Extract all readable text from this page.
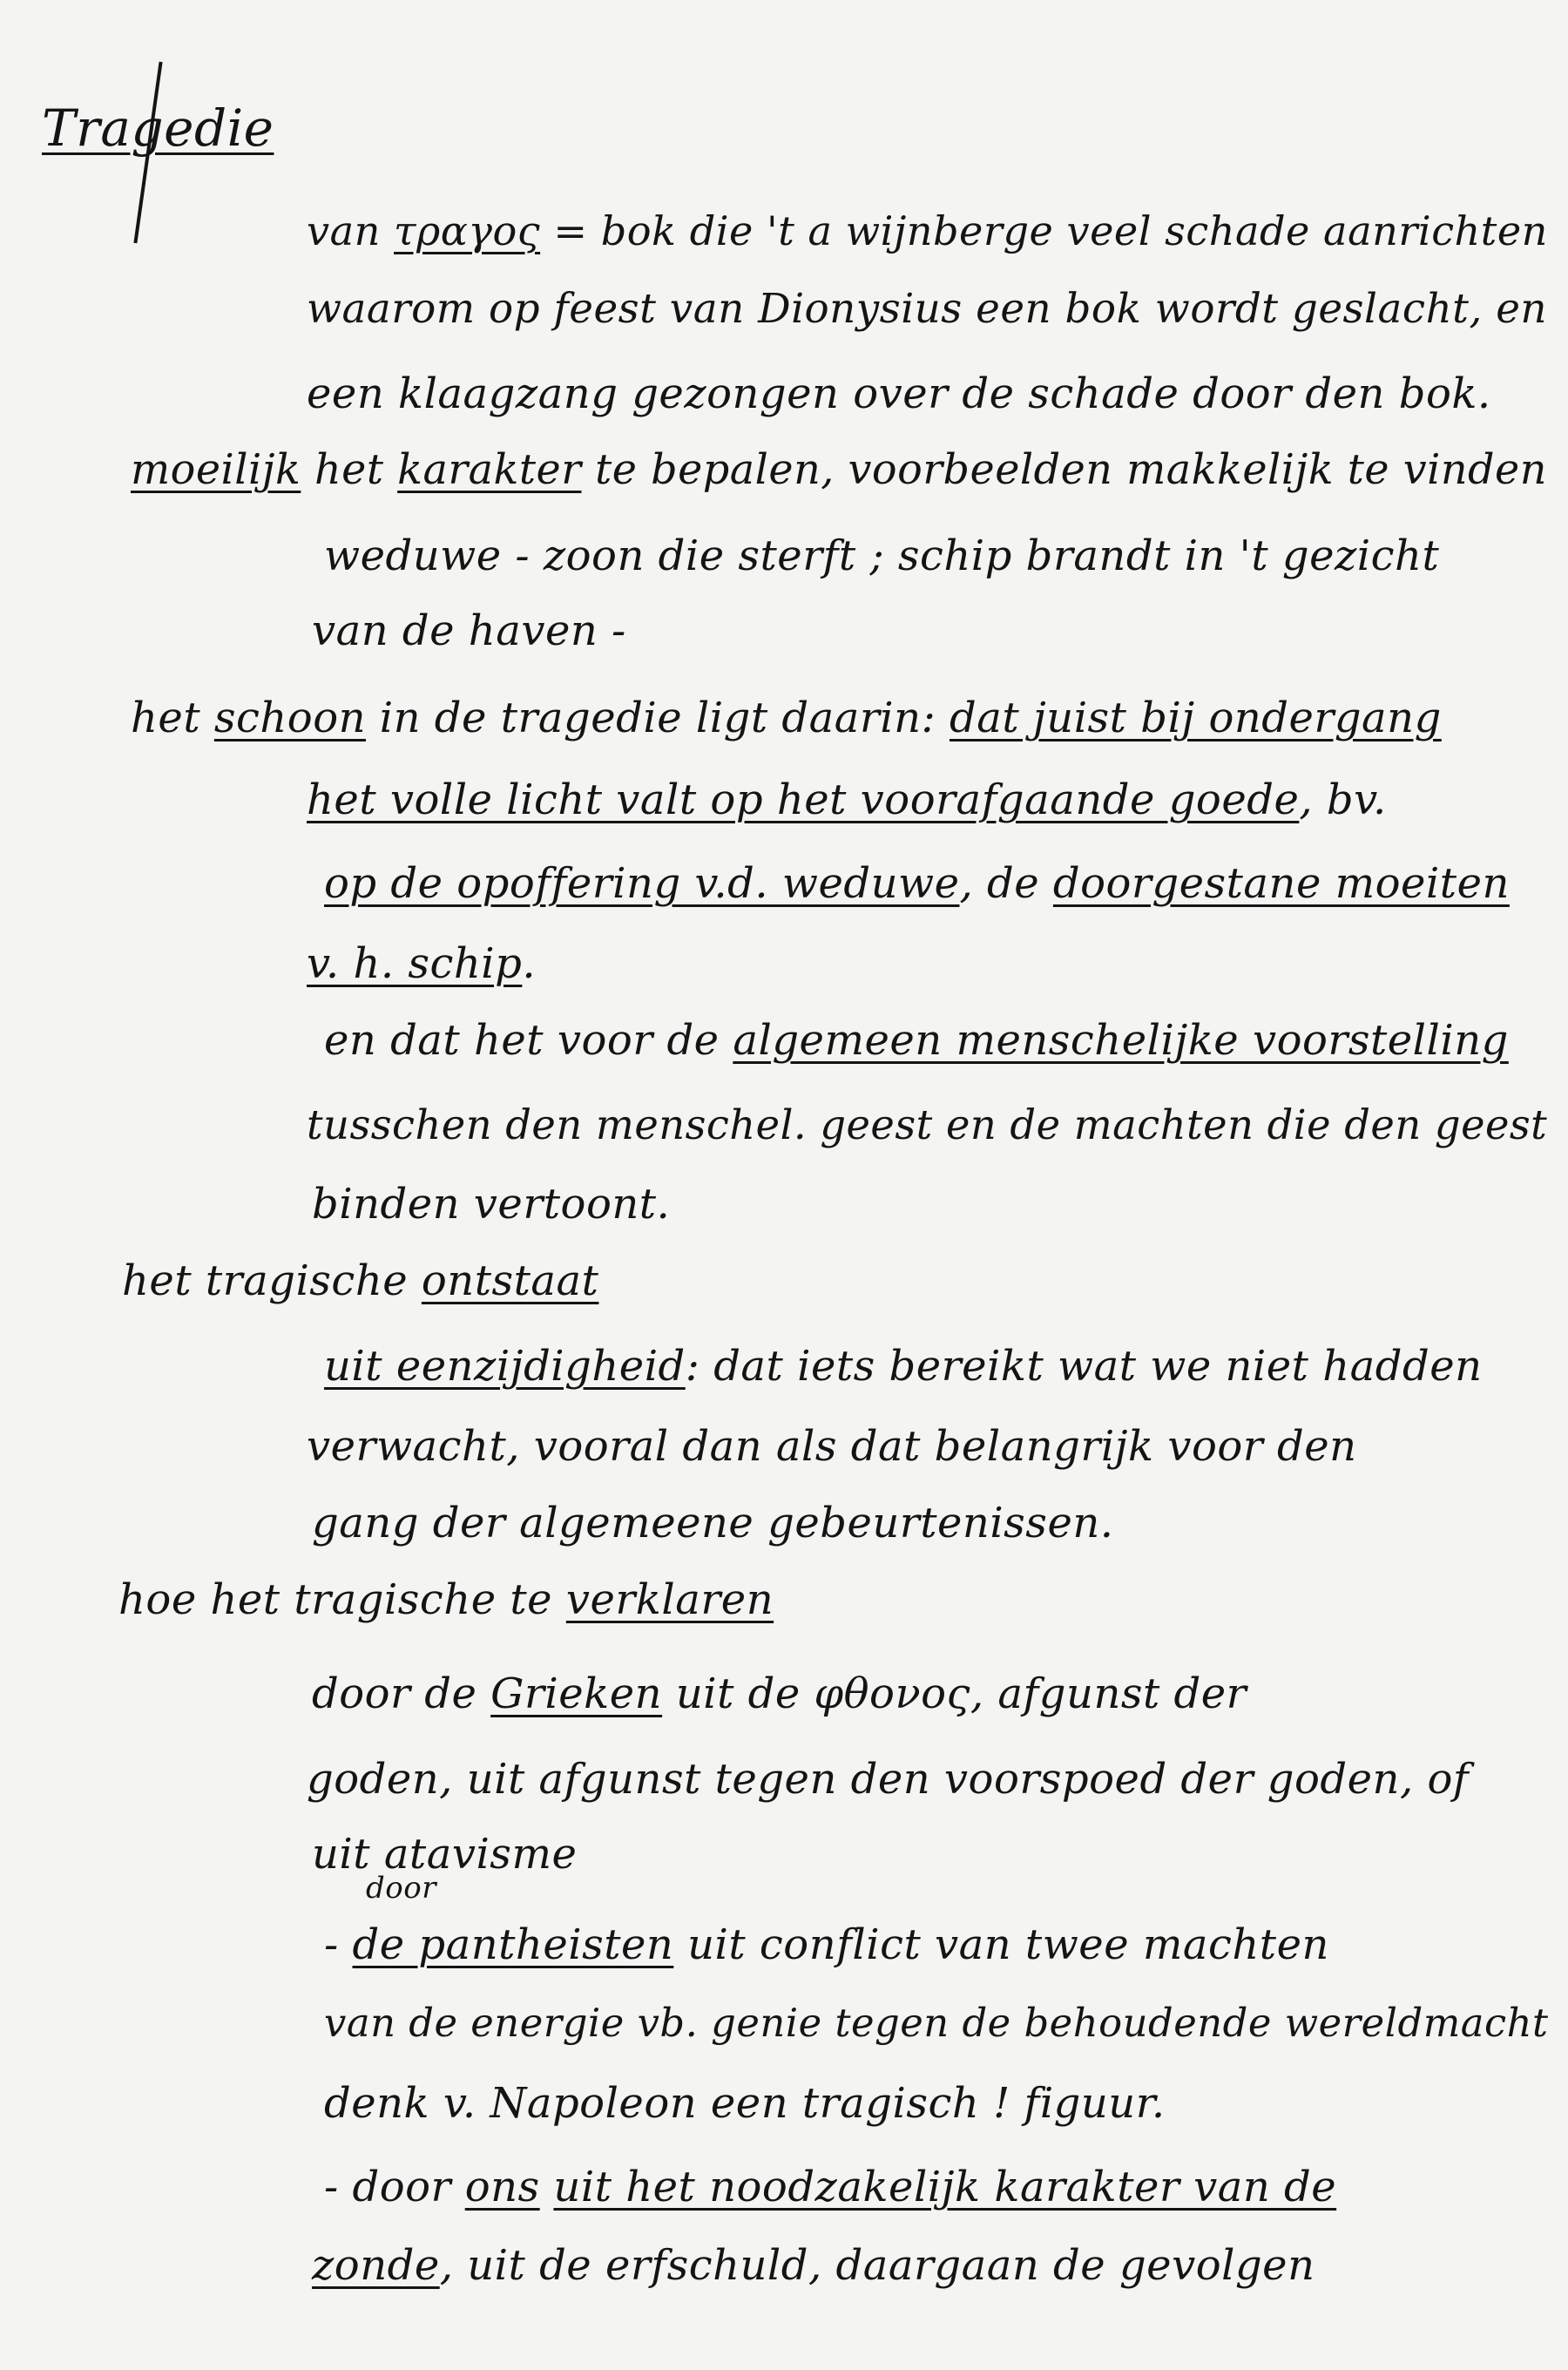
Tragedie
van τραγος = bok die 't a wijnberge veel schade aanrichten
waarom op feest van Dionysius een bok wordt geslacht, en
een klaagzang gezongen over de schade door den bok.
moeilijk het karakter te bepalen, voorbeelden makkelijk te vinden
weduwe - zoon die sterft ; schip brandt in 't gezicht
van de haven -
het schoon in de tragedie ligt daarin: dat juist bij ondergang
het volle licht valt op het voorafgaande goede, bv.
op de opoffering v.d. weduwe, de doorgestane moeiten
v. h. schip.
en dat het voor de algemeen menschelijke voorstelling
tusschen den menschel. geest en de machten die den geest
binden vertoont.
het tragische ontstaat
uit eenzijdigheid: dat iets bereikt wat we niet hadden
verwacht, vooral dan als dat belangrijk voor den
gang der algemeene gebeurtenissen.
hoe het tragische te verklaren
door de Grieken uit de φθονος, afgunst der
goden, uit afgunst tegen den voorspoed der goden, of
uit atavisme
door
- de pantheisten uit conflict van twee machten
van de energie vb. genie tegen de behoudende wereldmacht
denk v. Napoleon een tragisch ! figuur.
- door ons uit het noodzakelijk karakter van de
zonde, uit de erfschuld, daargaan de gevolgen
